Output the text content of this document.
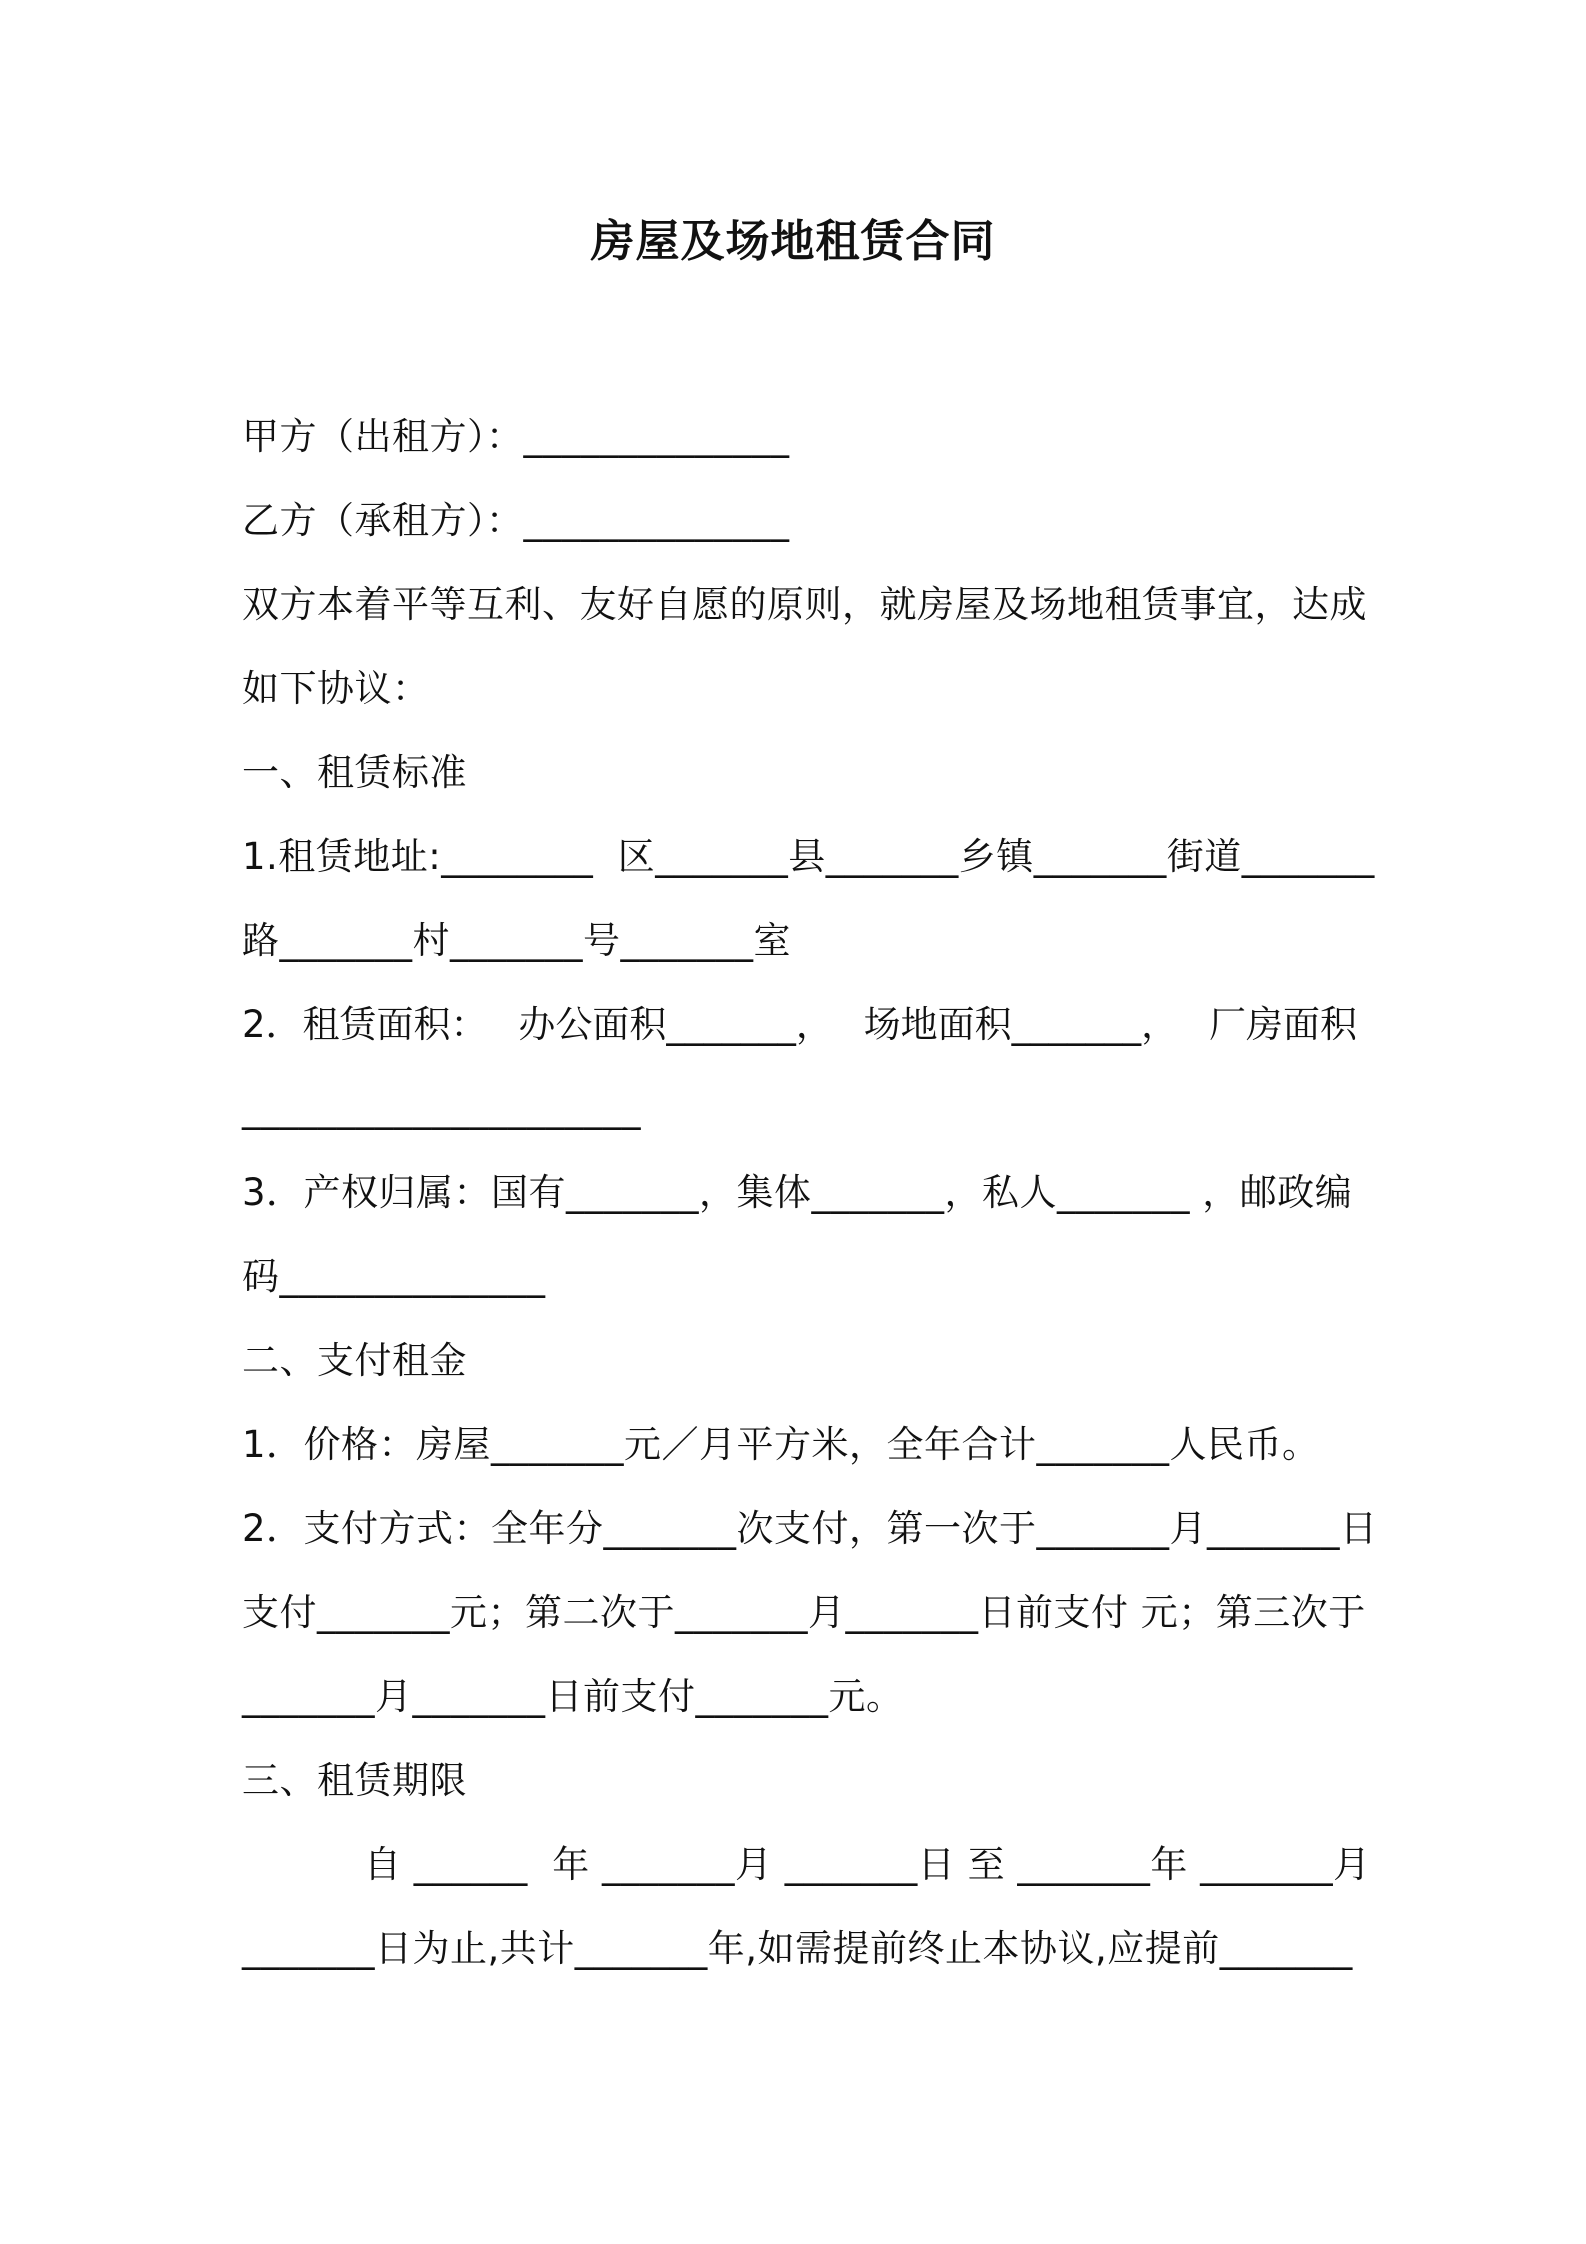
房屋及场地租赁合同
甲方（出租方）：______________
乙方（承租方）：______________
双方本着平等互利、友好自愿的原则，就房屋及场地租赁事宜，达成
如下协议：
一、租赁标准
1.租赁地址:________  区_______县_______乡镇_______街道_______
路_______村_______号_______室
2．租赁面积： 办公面积_______， 场地面积_______， 厂房面积
_____________________
3．产权归属：国有_______，集体_______，私人_______ ，邮政编
码______________
二、支付租金
1．价格：房屋_______元／月平方米，全年合计_______人民币。
2．支付方式：全年分_______次支付，第一次于_______月_______日
支付_______元；第二次于_______月_______日前支付 元；第三次于
_______月_______日前支付_______元。
三、租赁期限
自 ______  年 _______月 _______日 至 _______年 _______月
_______日为止,共计_______年,如需提前终止本协议,应提前_______
